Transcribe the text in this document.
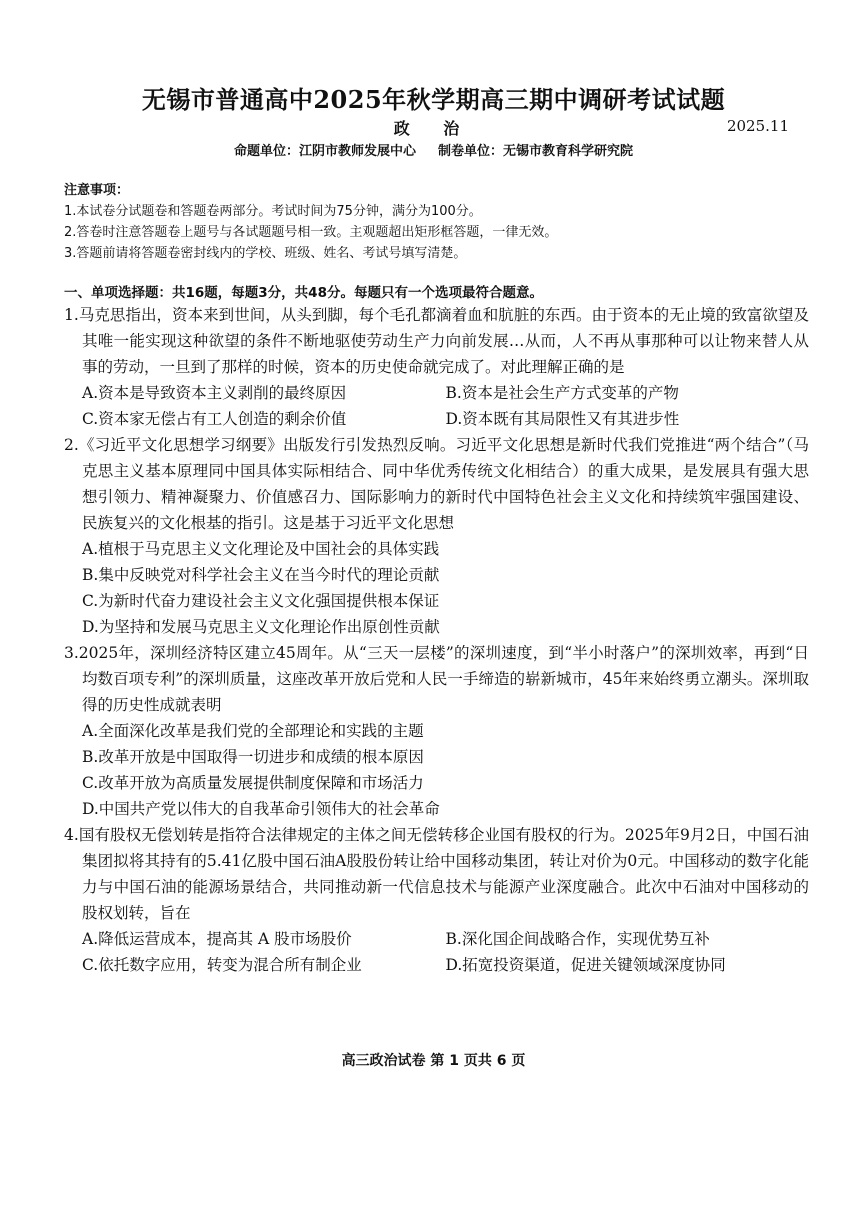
无锡市普通高中2025年秋学期高三期中调研考试试题
政 治	2025.11
命题单位：江阴市教师发展中心 制卷单位：无锡市教育科学研究院
注意事项：
1.本试卷分试题卷和答题卷两部分。考试时间为75分钟，满分为100分。
2.答卷时注意答题卷上题号与各试题题号相一致。主观题超出矩形框答题，一律无效。
3.答题前请将答题卷密封线内的学校、班级、姓名、考试号填写清楚。
一、单项选择题：共16题，每题3分，共48分。每题只有一个选项最符合题意。
1.马克思指出，资本来到世间，从头到脚，每个毛孔都滴着血和肮脏的东西。由于资本的无止境的致富欲望及其唯一能实现这种欲望的条件不断地驱使劳动生产力向前发展…从而，人不再从事那种可以让物来替人从事的劳动，一旦到了那样的时候，资本的历史使命就完成了。对此理解正确的是
A.资本是导致资本主义剥削的最终原因	B.资本是社会生产方式变革的产物
C.资本家无偿占有工人创造的剩余价值	D.资本既有其局限性又有其进步性
2.《习近平文化思想学习纲要》出版发行引发热烈反响。习近平文化思想是新时代我们党推进“两个结合”（马克思主义基本原理同中国具体实际相结合、同中华优秀传统文化相结合）的重大成果，是发展具有强大思想引领力、精神凝聚力、价值感召力、国际影响力的新时代中国特色社会主义文化和持续筑牢强国建设、民族复兴的文化根基的指引。这是基于习近平文化思想
A.植根于马克思主义文化理论及中国社会的具体实践
B.集中反映党对科学社会主义在当今时代的理论贡献
C.为新时代奋力建设社会主义文化强国提供根本保证
D.为坚持和发展马克思主义文化理论作出原创性贡献
3.2025年，深圳经济特区建立45周年。从“三天一层楼”的深圳速度，到“半小时落户”的深圳效率，再到“日均数百项专利”的深圳质量，这座改革开放后党和人民一手缔造的崭新城市，45年来始终勇立潮头。深圳取得的历史性成就表明
A.全面深化改革是我们党的全部理论和实践的主题
B.改革开放是中国取得一切进步和成绩的根本原因
C.改革开放为高质量发展提供制度保障和市场活力
D.中国共产党以伟大的自我革命引领伟大的社会革命
4.国有股权无偿划转是指符合法律规定的主体之间无偿转移企业国有股权的行为。2025年9月2日，中国石油集团拟将其持有的5.41亿股中国石油A股股份转让给中国移动集团，转让对价为0元。中国移动的数字化能力与中国石油的能源场景结合，共同推动新一代信息技术与能源产业深度融合。此次中石油对中国移动的股权划转，旨在
A.降低运营成本，提高其 A 股市场股价	B.深化国企间战略合作，实现优势互补
C.依托数字应用，转变为混合所有制企业	D.拓宽投资渠道，促进关键领域深度协同
高三政治试卷 第 1 页共 6 页
